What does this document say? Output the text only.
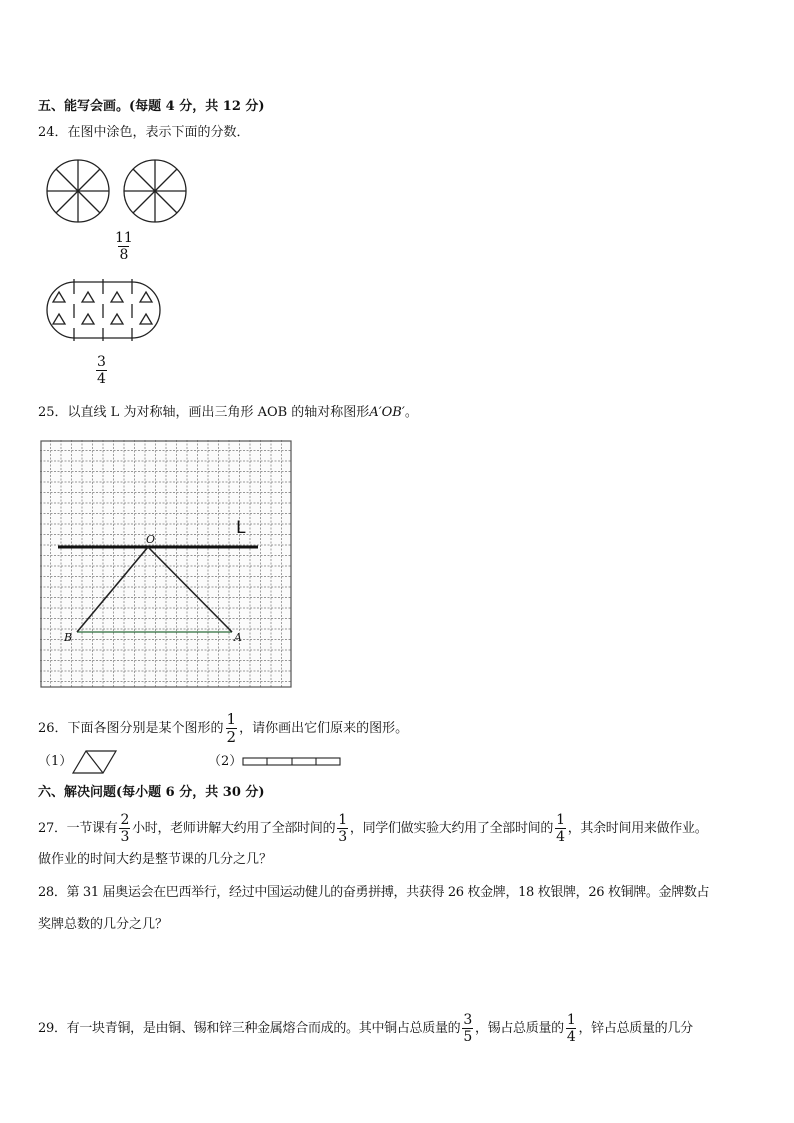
五、能写会画。(每题 4 分，共 12 分)
24．在图中涂色，表示下面的分数．
$\frac{11}{8}$
$\frac{3}{4}$
25．以直线 L 为对称轴，画出三角形 AOB 的轴对称图形A′OB′。
L
O
B	A
26．下面各图分别是某个图形的 $\frac{1}{2}$ ，请你画出它们原来的图形。
（1）	（2）
六、解决问题(每小题 6 分，共 30 分)
27．一节课有 $\frac{2}{3}$ 小时，老师讲解大约用了全部时间的 $\frac{1}{3}$ ，同学们做实验大约用了全部时间的 $\frac{1}{4}$ ，其余时间用来做作业。
做作业的时间大约是整节课的几分之几？
28．第 31 届奥运会在巴西举行，经过中国运动健儿的奋勇拼搏，共获得 26 枚金牌，18 枚银牌，26 枚铜牌。金牌数占
奖牌总数的几分之几？
29．有一块青铜，是由铜、锡和锌三种金属熔合而成的。其中铜占总质量的 $\frac{3}{5}$ ，锡占总质量的 $\frac{1}{4}$ ，锌占总质量的几分
